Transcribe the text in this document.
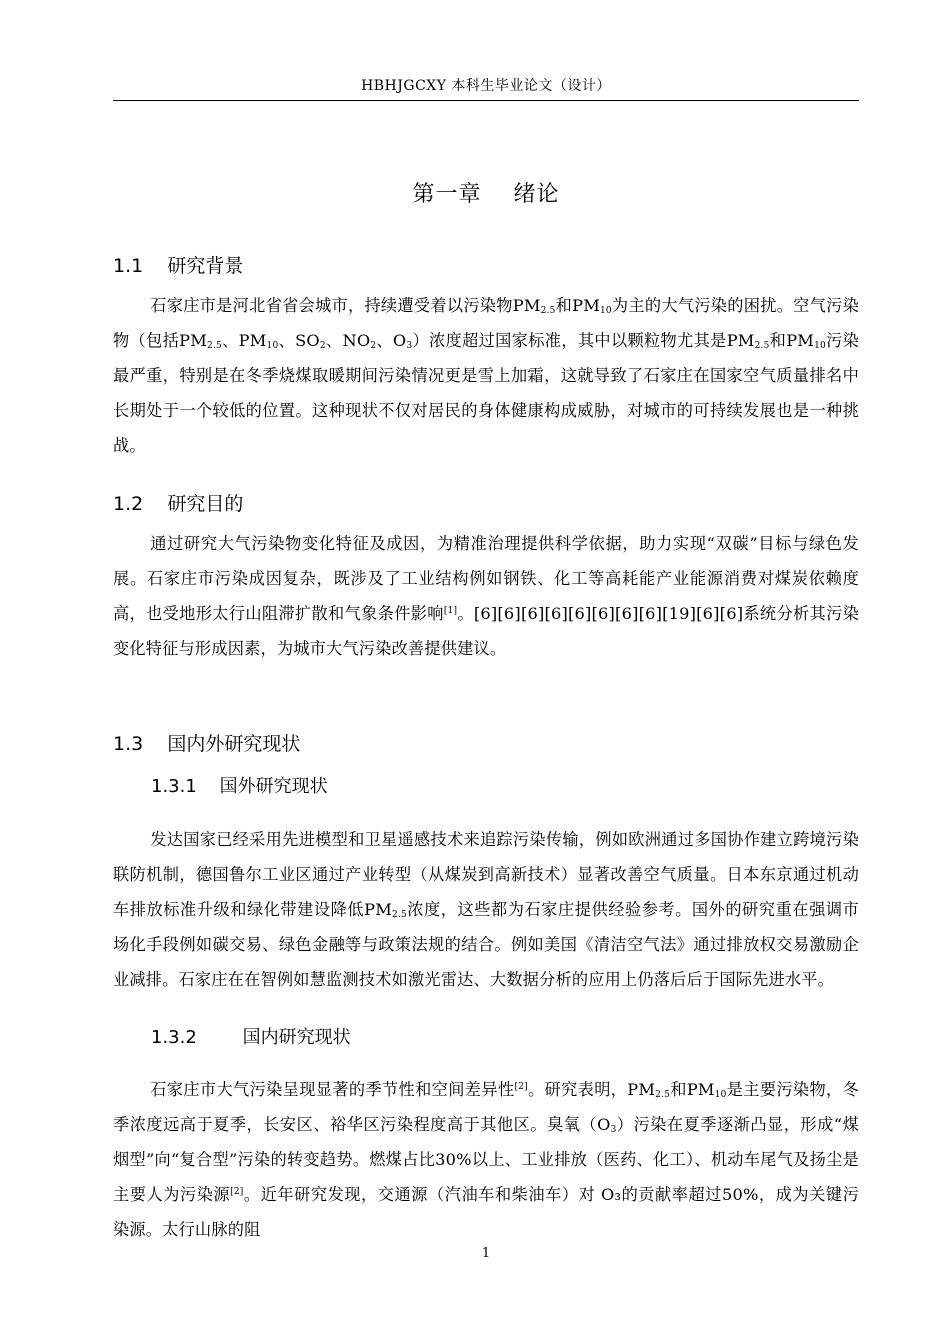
HBHJGCXY 本科生毕业论文（设计）
第一章    绪论
1.1    研究背景

石家庄市是河北省省会城市，持续遭受着以污染物$PM_{2.5}$和$PM_{10}$为主的大气污染的困扰。空气污染物（包括$PM_{2.5}$、$PM_{10}$、$SO_2$、$NO_2$、$O_3$）浓度超过国家标准，其中以颗粒物尤其是$PM_{2.5}$和$PM_{10}$污染最严重，特别是在冬季烧煤取暖期间污染情况更是雪上加霜，这就导致了石家庄在国家空气质量排名中长期处于一个较低的位置。这种现状不仅对居民的身体健康构成威胁，对城市的可持续发展也是一种挑战。

1.2    研究目的

通过研究大气污染物变化特征及成因，为精准治理提供科学依据，助力实现“双碳”目标与绿色发展。石家庄市污染成因复杂，既涉及了工业结构例如钢铁、化工等高耗能产业能源消费对煤炭依赖度高，也受地形太行山阻滞扩散和气象条件影响[1]。[6][6][6][6][6][6][6][6][19][6][6]系统分析其污染变化特征与形成因素，为城市大气污染改善提供建议。

1.3    国内外研究现状
1.3.1    国外研究现状

发达国家已经采用先进模型和卫星遥感技术来追踪污染传输，例如欧洲通过多国协作建立跨境污染联防机制，德国鲁尔工业区通过产业转型（从煤炭到高新技术）显著改善空气质量。日本东京通过机动车排放标准升级和绿化带建设降低$PM_{2.5}$浓度，这些都为石家庄提供经验参考。国外的研究重在强调市场化手段例如碳交易、绿色金融等与政策法规的结合。例如美国《清洁空气法》通过排放权交易激励企业减排。石家庄在在智例如慧监测技术如激光雷达、大数据分析的应用上仍落后后于国际先进水平。

1.3.2        国内研究现状

石家庄市大气污染呈现显著的季节性和空间差异性[2]。研究表明，$PM_{2.5}$和$PM_{10}$是主要污染物，冬季浓度远高于夏季，长安区、裕华区污染程度高于其他区。臭氧$(O_3)$污染在夏季逐渐凸显，形成“煤烟型”向“复合型”污染的转变趋势。燃煤占比30%以上、工业排放（医药、化工）、机动车尾气及扬尘是主要人为污染源[2]。近年研究发现，交通源（汽油车和柴油车）对 O₃的贡献率超过50%，成为关键污染源。太行山脉的阻

1
